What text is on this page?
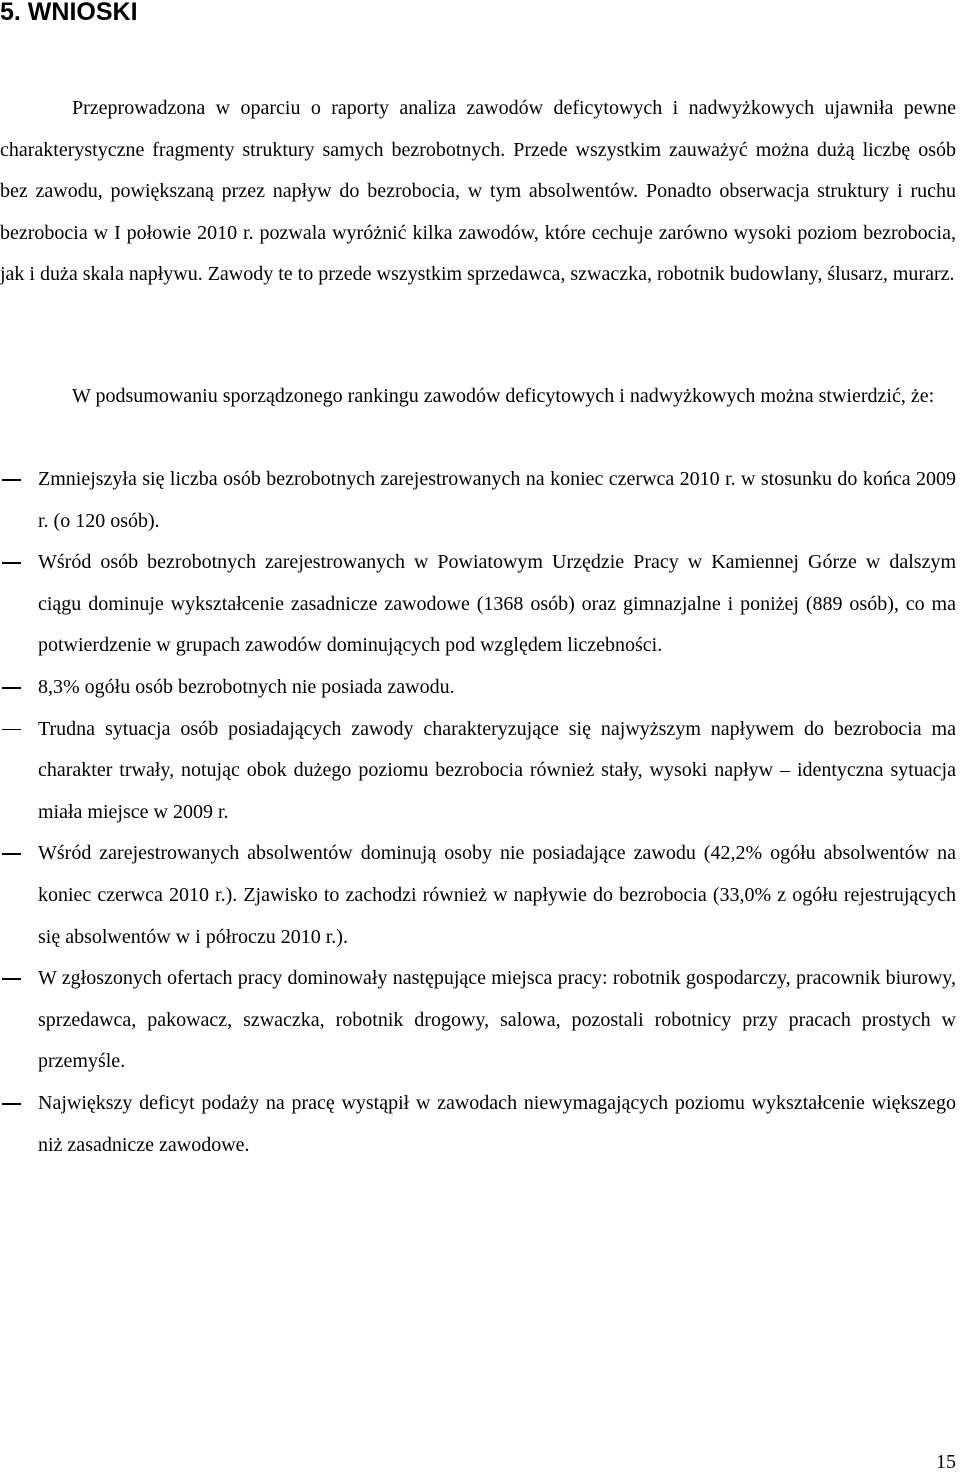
5. WNIOSKI

Przeprowadzona w oparciu o raporty analiza zawodów deficytowych i nadwyżkowych ujawniła pewne charakterystyczne fragmenty struktury samych bezrobotnych. Przede wszystkim zauważyć można dużą liczbę osób bez zawodu, powiększaną przez napływ do bezrobocia, w tym absolwentów. Ponadto obserwacja struktury i ruchu bezrobocia w I połowie 2010 r. pozwala wyróżnić kilka zawodów, które cechuje zarówno wysoki poziom bezrobocia, jak i duża skala napływu. Zawody te to przede wszystkim sprzedawca, szwaczka, robotnik budowlany, ślusarz, murarz.

W podsumowaniu sporządzonego rankingu zawodów deficytowych i nadwyżkowych można stwierdzić, że:

Zmniejszyła się liczba osób bezrobotnych zarejestrowanych na koniec czerwca 2010 r. w stosunku do końca 2009 r. (o 120 osób).
Wśród osób bezrobotnych zarejestrowanych w Powiatowym Urzędzie Pracy w Kamiennej Górze w dalszym ciągu dominuje wykształcenie zasadnicze zawodowe (1368 osób) oraz gimnazjalne i poniżej (889 osób), co ma potwierdzenie w grupach zawodów dominujących pod względem liczebności.
8,3% ogółu osób bezrobotnych nie posiada zawodu.
Trudna sytuacja osób posiadających zawody charakteryzujące się najwyższym napływem do bezrobocia ma charakter trwały, notując obok dużego poziomu bezrobocia również stały, wysoki napływ – identyczna sytuacja miała miejsce w 2009 r.
Wśród zarejestrowanych absolwentów dominują osoby nie posiadające zawodu (42,2% ogółu absolwentów na koniec czerwca 2010 r.). Zjawisko to zachodzi również w napływie do bezrobocia (33,0% z ogółu rejestrujących się absolwentów w i półroczu 2010 r.).
W zgłoszonych ofertach pracy dominowały następujące miejsca pracy: robotnik gospodarczy, pracownik biurowy, sprzedawca, pakowacz, szwaczka, robotnik drogowy, salowa, pozostali robotnicy przy pracach prostych w przemyśle.
Największy deficyt podaży na pracę wystąpił w zawodach niewymagających poziomu wykształcenie większego niż zasadnicze zawodowe.

15
